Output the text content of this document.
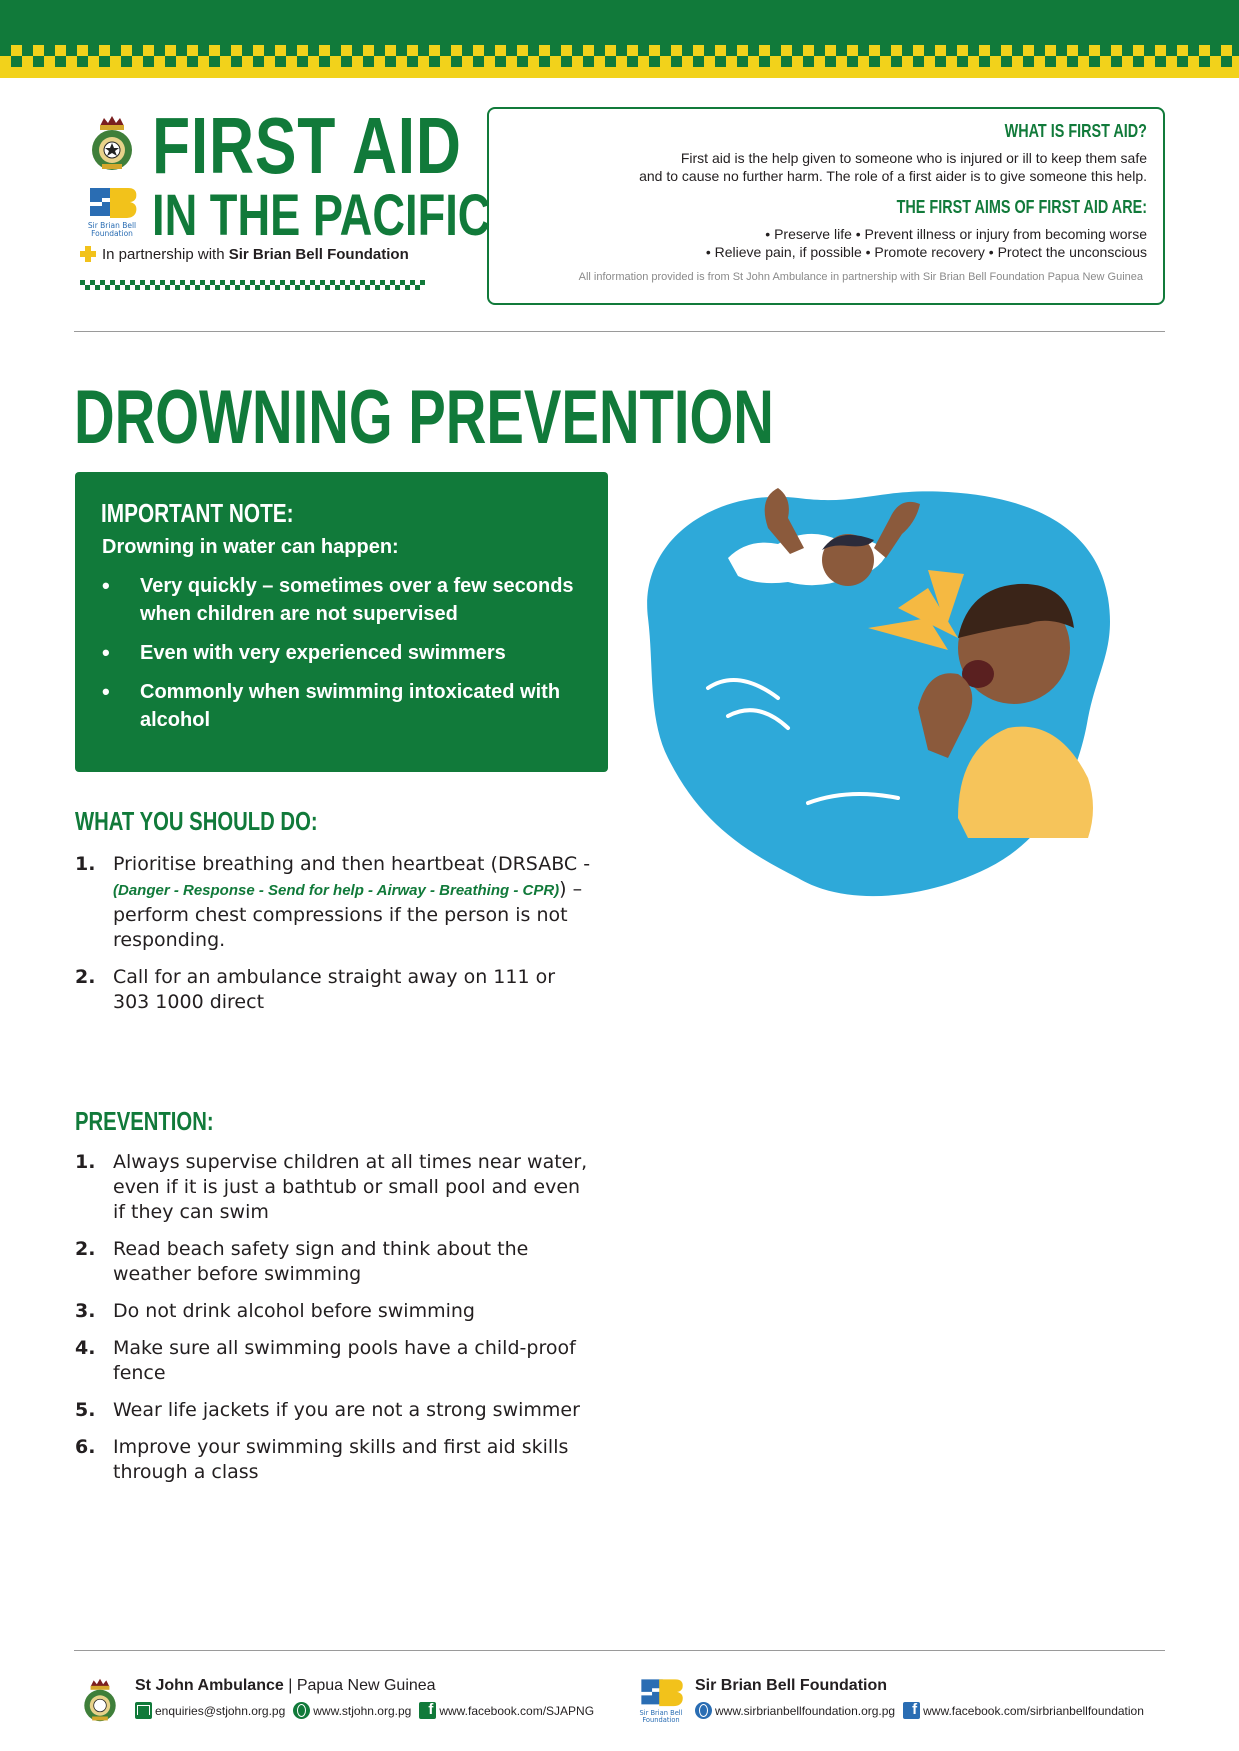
Sir Brian Bell
Foundation
FIRST AID
IN THE PACIFIC
In partnership with Sir Brian Bell Foundation
WHAT IS FIRST AID?
First aid is the help given to someone who is injured or ill to keep them safe
and to cause no further harm. The role of a first aider is to give someone this help.
THE FIRST AIMS OF FIRST AID ARE:
• Preserve life • Prevent illness or injury from becoming worse
• Relieve pain, if possible • Promote recovery • Protect the unconscious
All information provided is from St John Ambulance in partnership with Sir Brian Bell Foundation Papua New Guinea
DROWNING PREVENTION
IMPORTANT NOTE:
Drowning in water can happen:
• Very quickly – sometimes over a few seconds when children are not supervised
• Even with very experienced swimmers
• Commonly when swimming intoxicated with alcohol
WHAT YOU SHOULD DO:
1. Prioritise breathing and then heartbeat (DRSABC - (Danger - Response - Send for help - Airway - Breathing - CPR)) – perform chest compressions if the person is not responding.
2. Call for an ambulance straight away on 111 or 303 1000 direct
PREVENTION:
1. Always supervise children at all times near water, even if it is just a bathtub or small pool and even if they can swim
2. Read beach safety sign and think about the weather before swimming
3. Do not drink alcohol before swimming
4. Make sure all swimming pools have a child-proof fence
5. Wear life jackets if you are not a strong swimmer
6. Improve your swimming skills and first aid skills through a class
St John Ambulance | Papua New Guinea
enquiries@stjohn.org.pg www.stjohn.org.pg f www.facebook.com/SJAPNG	Sir Brian Bell
Foundation
Sir Brian Bell Foundation
www.sirbrianbellfoundation.org.pg f www.facebook.com/sirbrianbellfoundation
